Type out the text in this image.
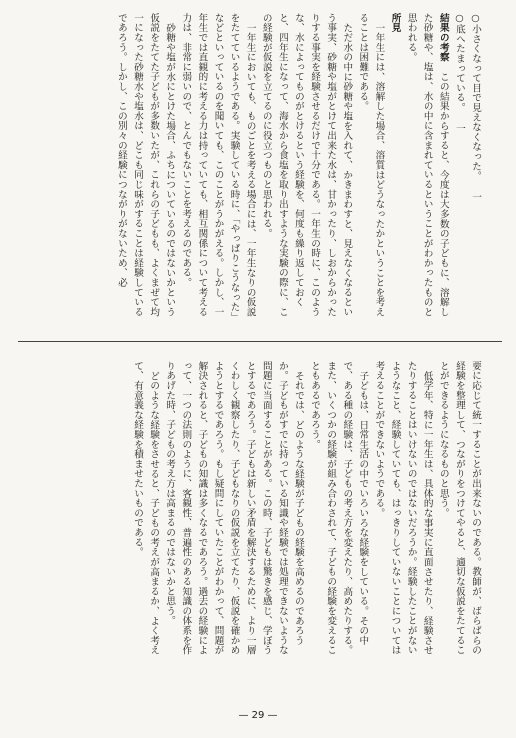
○小さくなって目で見えなくなった。 一

○底へたまっている。 一

結果の考察　この結果からすると、今度は大多数の子どもに、溶解した砂糖や、塩は、水の中に含まれているということがわかったものと思われる。

所見

　一年生には、溶解した場合、溶質はどうなったかということを考えることは困難である。

　ただ水の中に砂糖や塩を入れて、かきまわすと、見えなくなるという事実、砂糖や塩がとけて出来た水は、甘かったり、しおからかったりする事実を経験させるだけで十分である。一年生の時に、このような、水によってものがとけるという経験を、何度も繰り返しておくと、四年生になって、海水から食塩を取り出すような実験の際に、この経験が仮説を立てるのに役立つものと思われる。

　一年生においても、ものごとを考える場合には、一年生なりの仮説をたてているようである。実験している時に、「やっぱりこうなった」などといっているのを聞いても、このことがうかがえる。しかし、一年生では直観的に考える力は持っていても、相互関係について考える力は、非常に弱いので、とんでもないことを考えるのである。

　砂糖や塩が水にとけた場合、ふちについているのではないかという仮説をたてた子どもが多数いたが、これらの子どもも、よくまぜて均一になった砂糖水や塩水は、どこも同じ味がすることは経験しているであろう。しかし、この別々の経験につながりがないため、必

要に応じて統一することが出来ないのである。教師が、ばらばらの経験を整理して、つながりをつけてやると、適切な仮説をたてることができるようになるものと思う。

　低学年、特に一年生は、具体的な事実に直面させたり、経験させたりすることはいけないのではないだろうか。経験したことがないようなこと、経験していても、はっきりしていないことについては考えることができないようである。

　子どもは、日常生活の中でいろいろな経験をしている。その中で、ある種の経験は、子どもの考え方を変えたり、高めたりする。また、いくつかの経験が組み合わされて、子どもの経験を変えることもあるであろう。

　それでは、どのような経験が子どもの経験を高めるのであろうか。子どもがすでに持っている知識や経験では処理できないような問題に当面することがある。この時、子どもは驚きを感じ、学ぼうとするであろう。子どもは新しい矛盾を解決するために、より一層くわしく観察したり、子どもなりの仮説を立てたり、仮説を確かめようとするであろう。もし疑問にしていたことがわかって、問題が解決されると、子どもの知識は多くなるであろう。過去の経験によって、一つの法則のように、客観性、普遍性のある知識の体系を作りあげた時、子どもの考え方は高まるのではないかと思う。

　どのような経験をさせると、子どもの考えが高まるか、よく考えて、有意義な経験を積ませたいものである。

— 29 —
